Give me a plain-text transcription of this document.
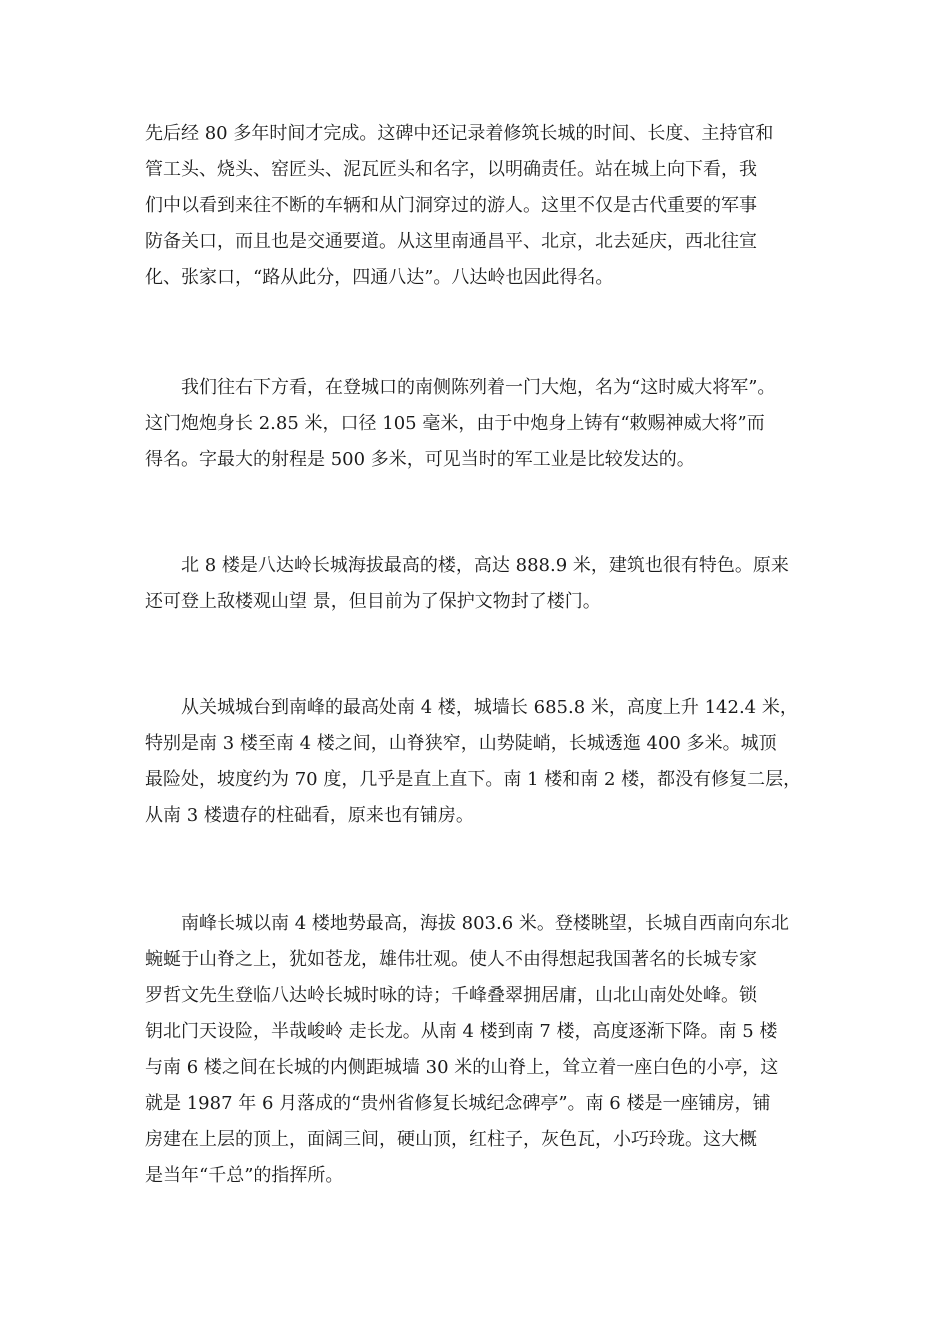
先后经 80 多年时间才完成。这碑中还记录着修筑长城的时间、长度、主持官和
管工头、烧头、窑匠头、泥瓦匠头和名字，以明确责任。站在城上向下看，我
们中以看到来往不断的车辆和从门洞穿过的游人。这里不仅是古代重要的军事
防备关口，而且也是交通要道。从这里南通昌平、北京，北去延庆，西北往宣
化、张家口，“路从此分，四通八达”。八达岭也因此得名。
　　我们往右下方看，在登城口的南侧陈列着一门大炮，名为“这时威大将军”。
这门炮炮身长 2.85 米，口径 105 毫米，由于中炮身上铸有“敕赐神威大将”而
得名。字最大的射程是 500 多米，可见当时的军工业是比较发达的。
　　北 8 楼是八达岭长城海拔最高的楼，高达 888.9 米，建筑也很有特色。原来
还可登上敌楼观山望 景，但目前为了保护文物封了楼门。
　　从关城城台到南峰的最高处南 4 楼，城墙长 685.8 米，高度上升 142.4 米，
特别是南 3 楼至南 4 楼之间，山脊狭窄，山势陡峭，长城透迤 400 多米。城顶
最险处，坡度约为 70 度，几乎是直上直下。南 1 楼和南 2 楼，都没有修复二层，
从南 3 楼遗存的柱础看，原来也有铺房。
　　南峰长城以南 4 楼地势最高，海拔 803.6 米。登楼眺望，长城自西南向东北
蜿蜒于山脊之上，犹如苍龙，雄伟壮观。使人不由得想起我国著名的长城专家
罗哲文先生登临八达岭长城时咏的诗；千峰叠翠拥居庸，山北山南处处峰。锁
钥北门天设险，半哉峻岭 走长龙。从南 4 楼到南 7 楼，高度逐渐下降。南 5 楼
与南 6 楼之间在长城的内侧距城墙 30 米的山脊上，耸立着一座白色的小亭，这
就是 1987 年 6 月落成的“贵州省修复长城纪念碑亭”。南 6 楼是一座铺房，铺
房建在上层的顶上，面阔三间，硬山顶，红柱子，灰色瓦，小巧玲珑。这大概
是当年“千总”的指挥所。
